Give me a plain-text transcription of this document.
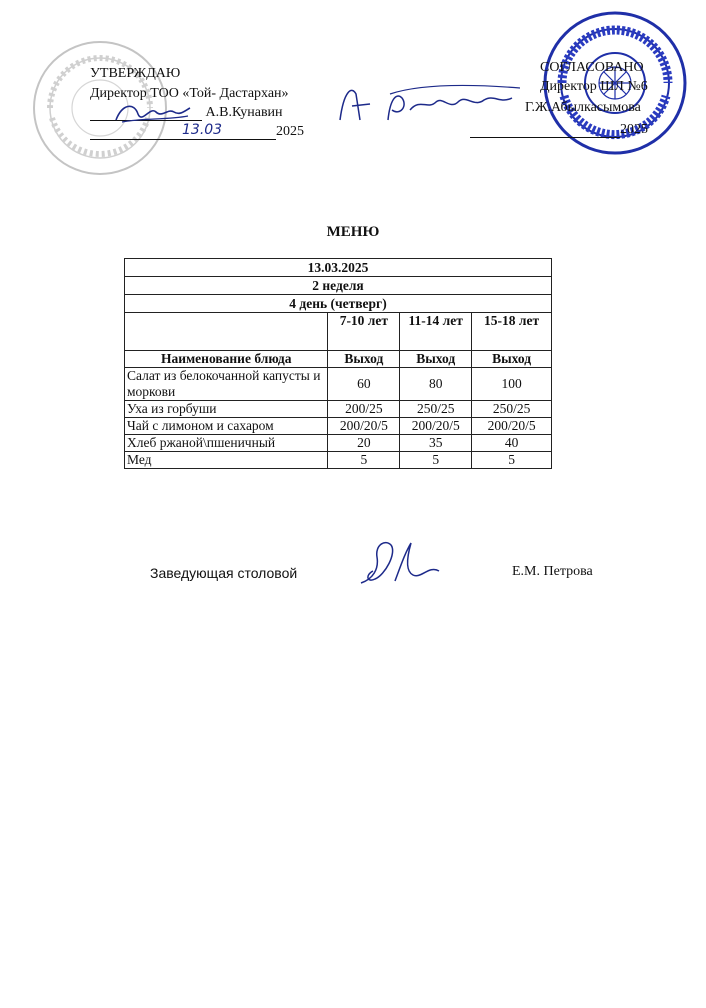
УТВЕРЖДАЮ
Директор ТОО «Той- Дастархан»
А.В.Кунавин
13.03	2025
СОГЛАСОВАНО
Директор ШЛ №6
Г.Ж.Абылкасымова
2025
МЕНЮ
13.03.2025			
2 неделя			
4 день (четверг)			
	7-10 лет	11-14 лет	15-18 лет
Наименование блюда	Выход	Выход	Выход
Салат из белокочанной капусты и моркови	60	80	100
Уха из горбуши	200/25	250/25	250/25
Чай с лимоном и сахаром	200/20/5	200/20/5	200/20/5
Хлеб ржаной\пшеничный	20	35	40
Мед	5	5	5
Заведующая столовой	Е.М. Петрова
